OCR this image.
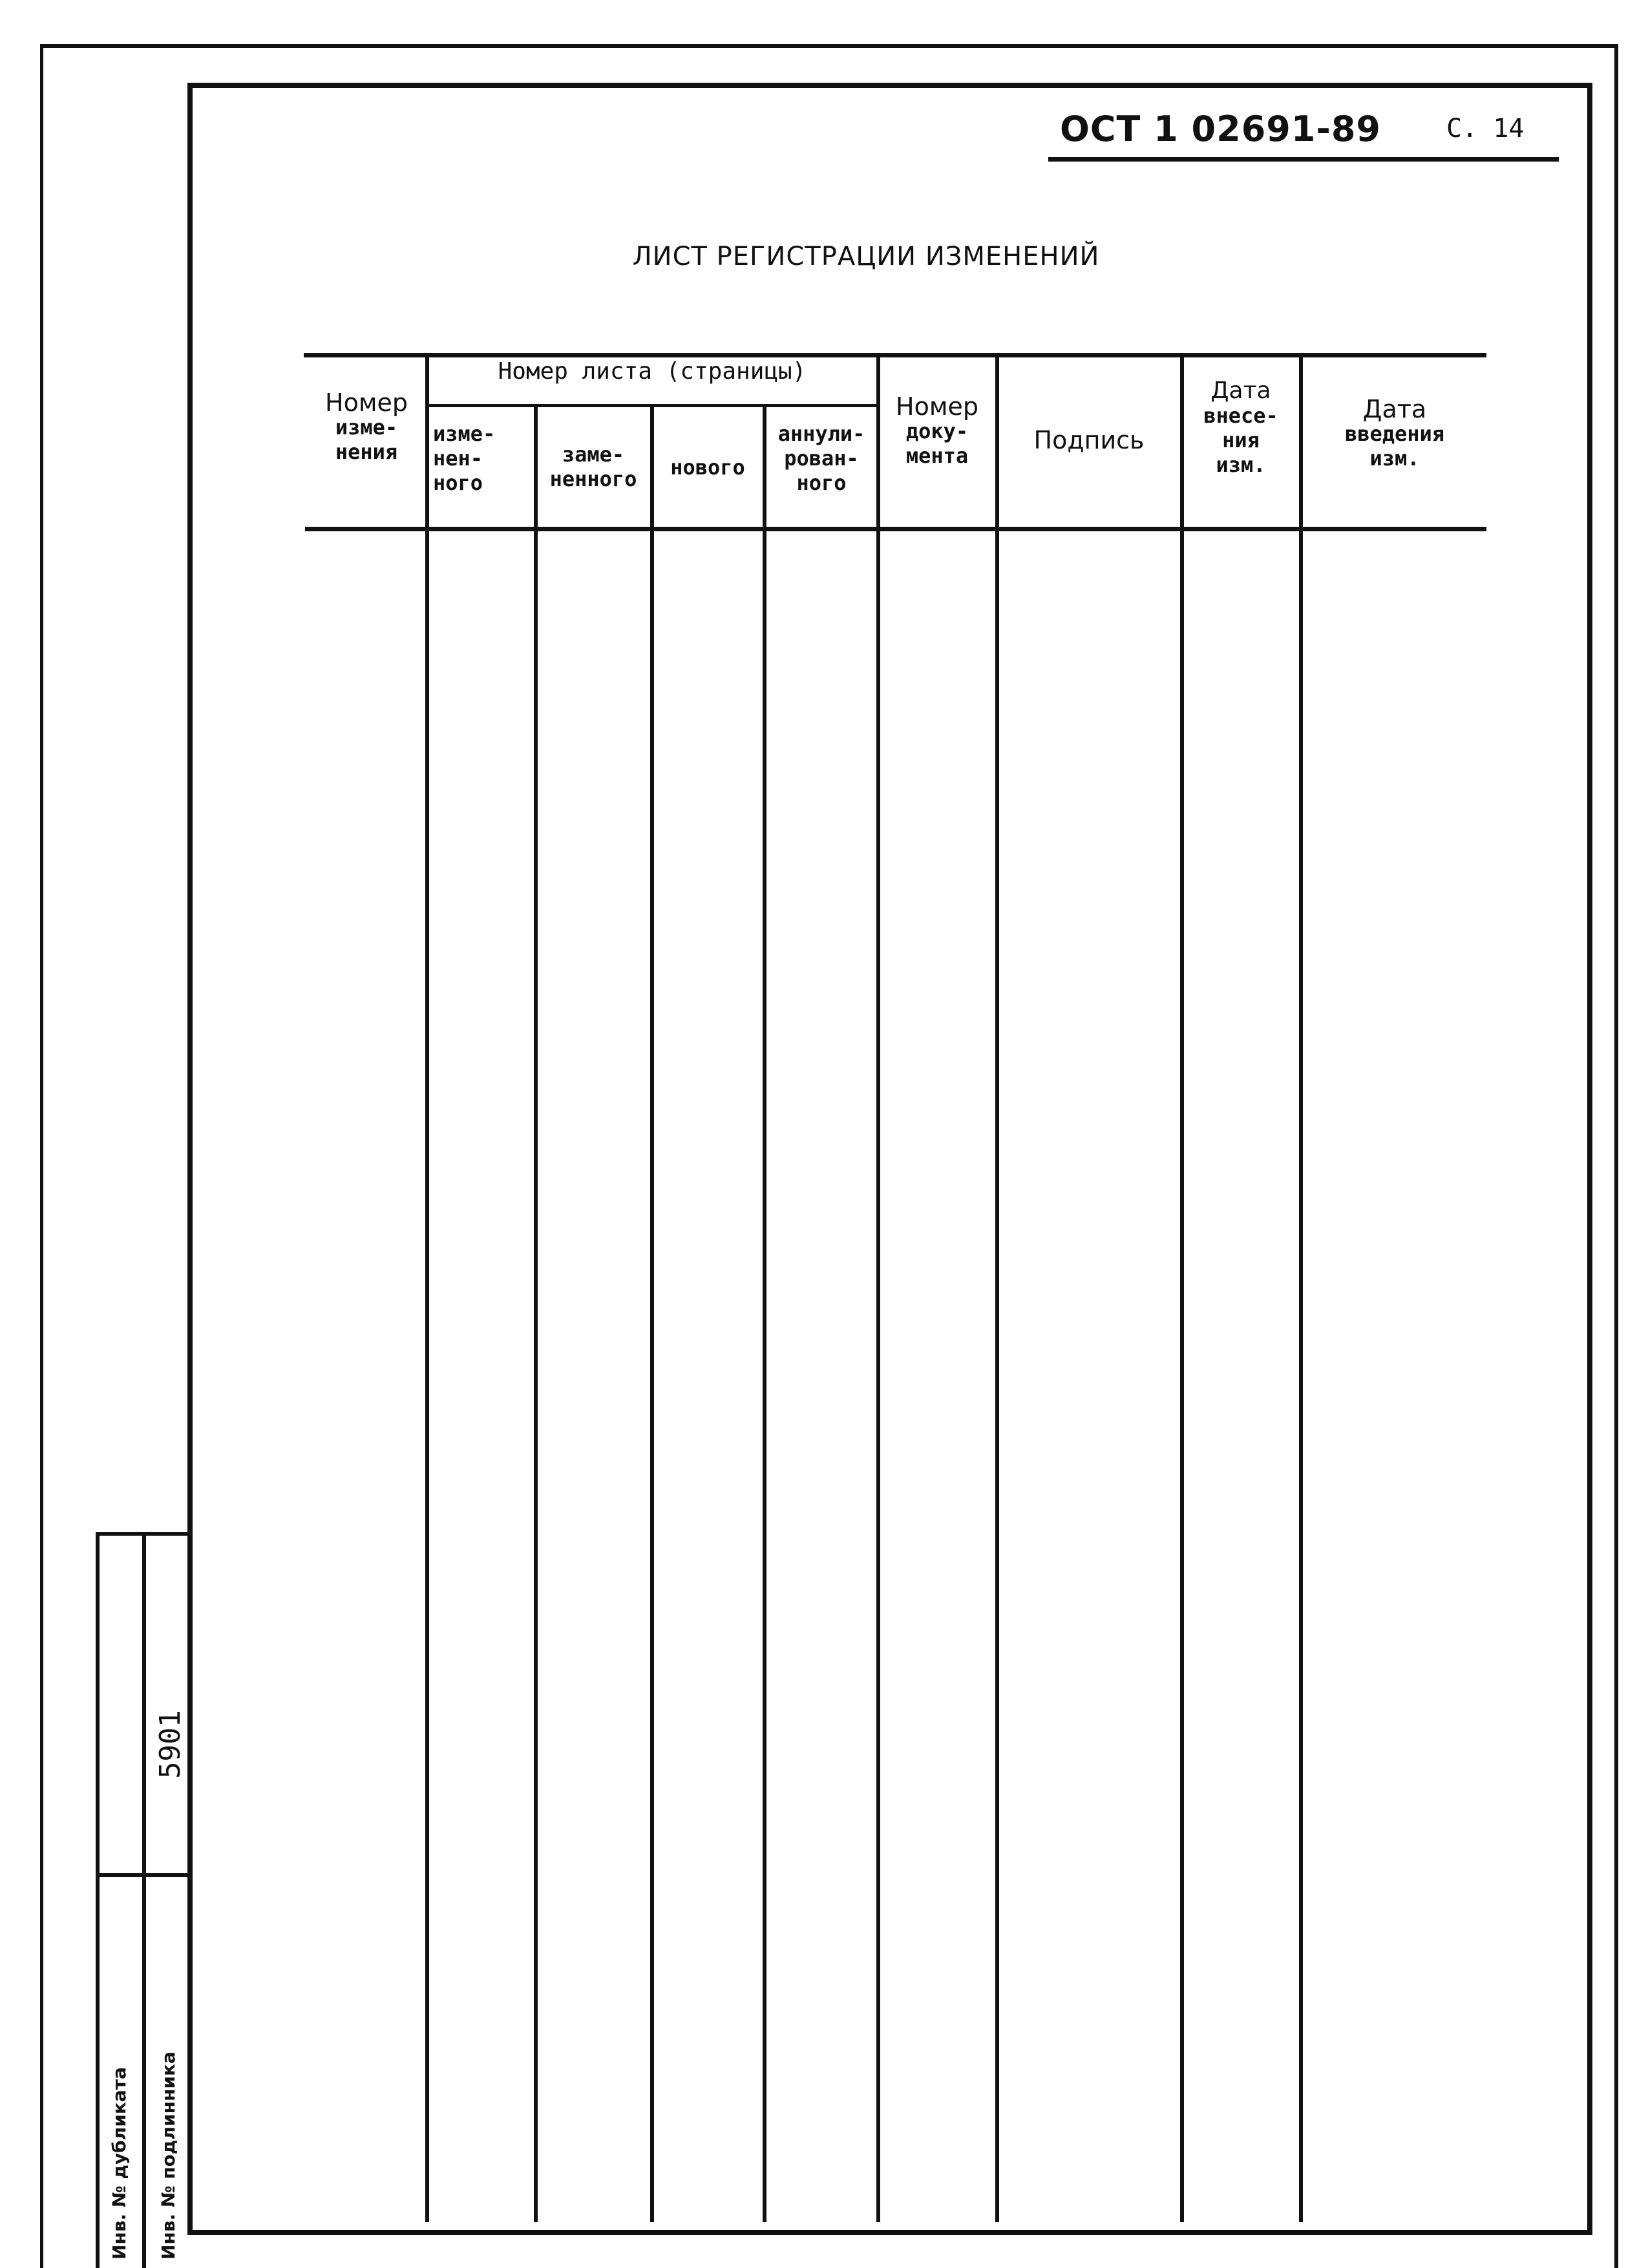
ОСТ 1 02691-89	С. 14
ЛИСТ РЕГИСТРАЦИИ ИЗМЕНЕНИЙ
Номер листа (страницы)
Номер
изме-
нения
изме-
нен-
ного
заме-
ненного	нового
аннули-
рован-
ного
Номер
доку-
мента
Подпись
Дата
внесе-
ния
изм.
Дата
введения
изм.
Инв. № дубликата Инв. № подлинника
5901
